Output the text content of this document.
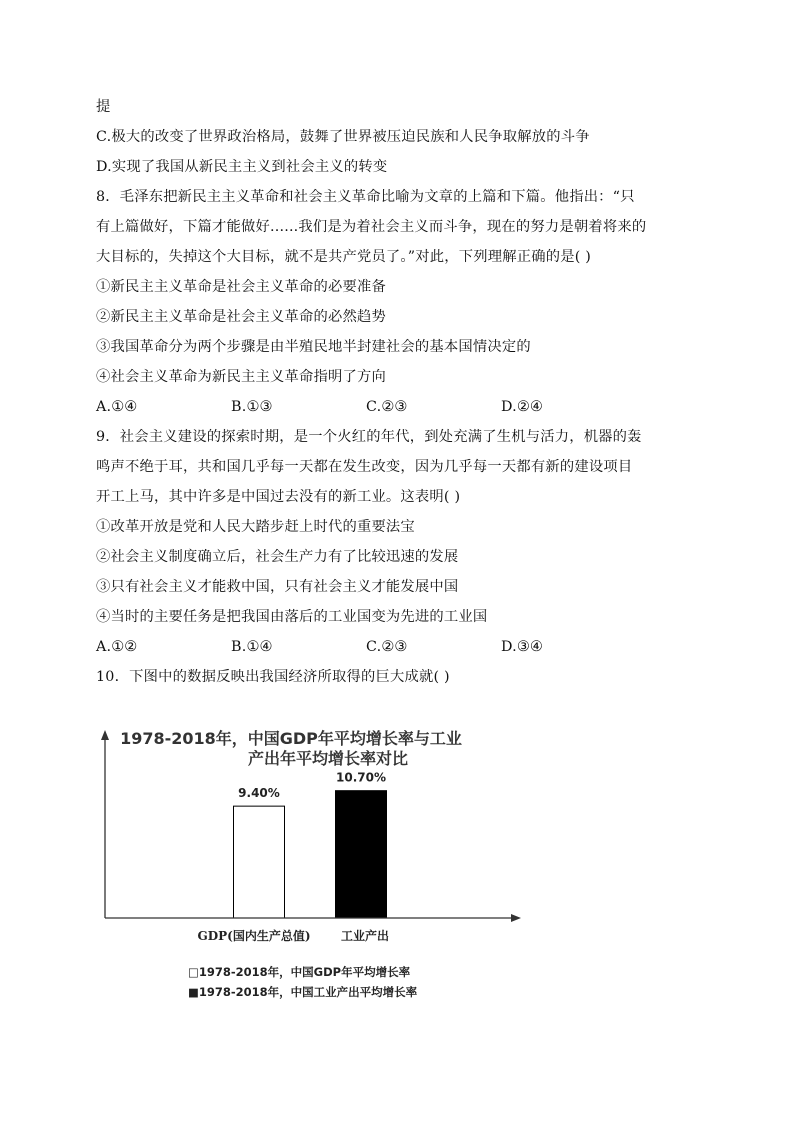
提
C.极大的改变了世界政治格局，鼓舞了世界被压迫民族和人民争取解放的斗争
D.实现了我国从新民主主义到社会主义的转变
8．毛泽东把新民主主义革命和社会主义革命比喻为文章的上篇和下篇。他指出：“只
有上篇做好，下篇才能做好......我们是为着社会主义而斗争，现在的努力是朝着将来的
大目标的，失掉这个大目标，就不是共产党员了。”对此，下列理解正确的是( )
①新民主主义革命是社会主义革命的必要准备
②新民主主义革命是社会主义革命的必然趋势
③我国革命分为两个步骤是由半殖民地半封建社会的基本国情决定的
④社会主义革命为新民主主义革命指明了方向
A.①④	B.①③	C.②③	D.②④
9．社会主义建设的探索时期，是一个火红的年代，到处充满了生机与活力，机器的轰
鸣声不绝于耳，共和国几乎每一天都在发生改变，因为几乎每一天都有新的建设项目
开工上马，其中许多是中国过去没有的新工业。这表明( )
①改革开放是党和人民大踏步赶上时代的重要法宝
②社会主义制度确立后，社会生产力有了比较迅速的发展
③只有社会主义才能救中国，只有社会主义才能发展中国
④当时的主要任务是把我国由落后的工业国变为先进的工业国
A.①②	B.①④	C.②③	D.③④
10．下图中的数据反映出我国经济所取得的巨大成就( )
1978-2018年，中国GDP年平均增长率与工业
产出年平均增长率对比
9.40%
10.70%
GDP(国内生产总值)	工业产出
□1978-2018年，中国GDP年平均增长率
■1978-2018年，中国工业产出平均增长率
